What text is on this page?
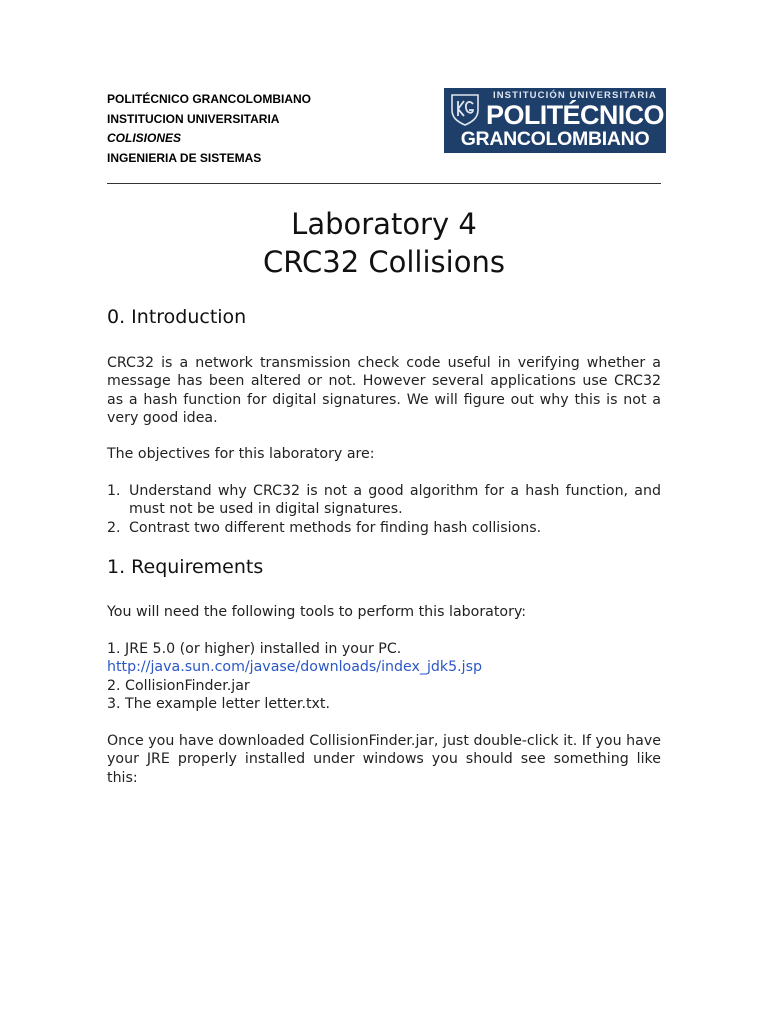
POLITÉCNICO GRANCOLOMBIANO
INSTITUCION UNIVERSITARIA
COLISIONES
INGENIERIA DE SISTEMAS
INSTITUCIÓN UNIVERSITARIA
POLITÉCNICO
GRANCOLOMBIANO
Laboratory 4
CRC32 Collisions
0. Introduction
CRC32 is a network transmission check code useful in verifying whether a message has been altered or not. However several applications use CRC32 as a hash function for digital signatures. We will figure out why this is not a very good idea.
The objectives for this laboratory are:
1. Understand why CRC32 is not a good algorithm for a hash function, and must not be used in digital signatures.
2. Contrast two different methods for finding hash collisions.
1. Requirements
You will need the following tools to perform this laboratory:
1. JRE 5.0 (or higher) installed in your PC.
http://java.sun.com/javase/downloads/index_jdk5.jsp
2. CollisionFinder.jar
3. The example letter letter.txt.
Once you have downloaded CollisionFinder.jar, just double-click it. If you have your JRE properly installed under windows you should see something like this:
